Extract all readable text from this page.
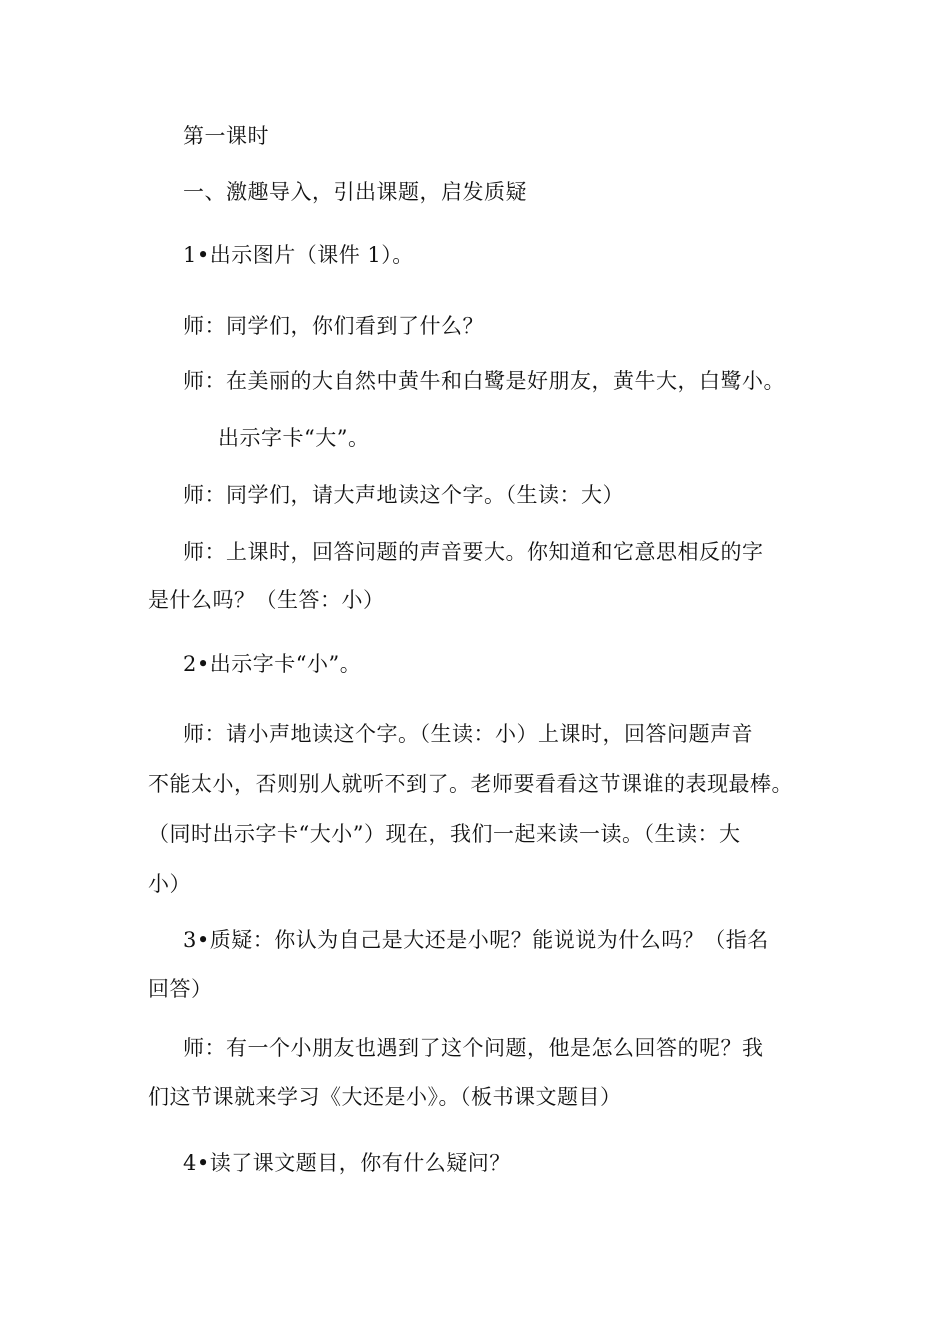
第一课时
一、激趣导入，引出课题，启发质疑
1•出示图片（课件 1）。
师：同学们，你们看到了什么？
师：在美丽的大自然中黄牛和白鹭是好朋友，黄牛大，白鹭小。
出示字卡“大”。
师：同学们，请大声地读这个字。（生读：大）
师：上课时，回答问题的声音要大。你知道和它意思相反的字
是什么吗？（生答：小）
2•出示字卡“小”。
师：请小声地读这个字。（生读：小）上课时，回答问题声音
不能太小，否则别人就听不到了。老师要看看这节课谁的表现最棒。
（同时出示字卡“大小”）现在，我们一起来读一读。（生读：大
小）
3•质疑：你认为自己是大还是小呢？能说说为什么吗？（指名
回答）
师：有一个小朋友也遇到了这个问题，他是怎么回答的呢？我
们这节课就来学习《大还是小》。（板书课文题目）
4•读了课文题目，你有什么疑问？
